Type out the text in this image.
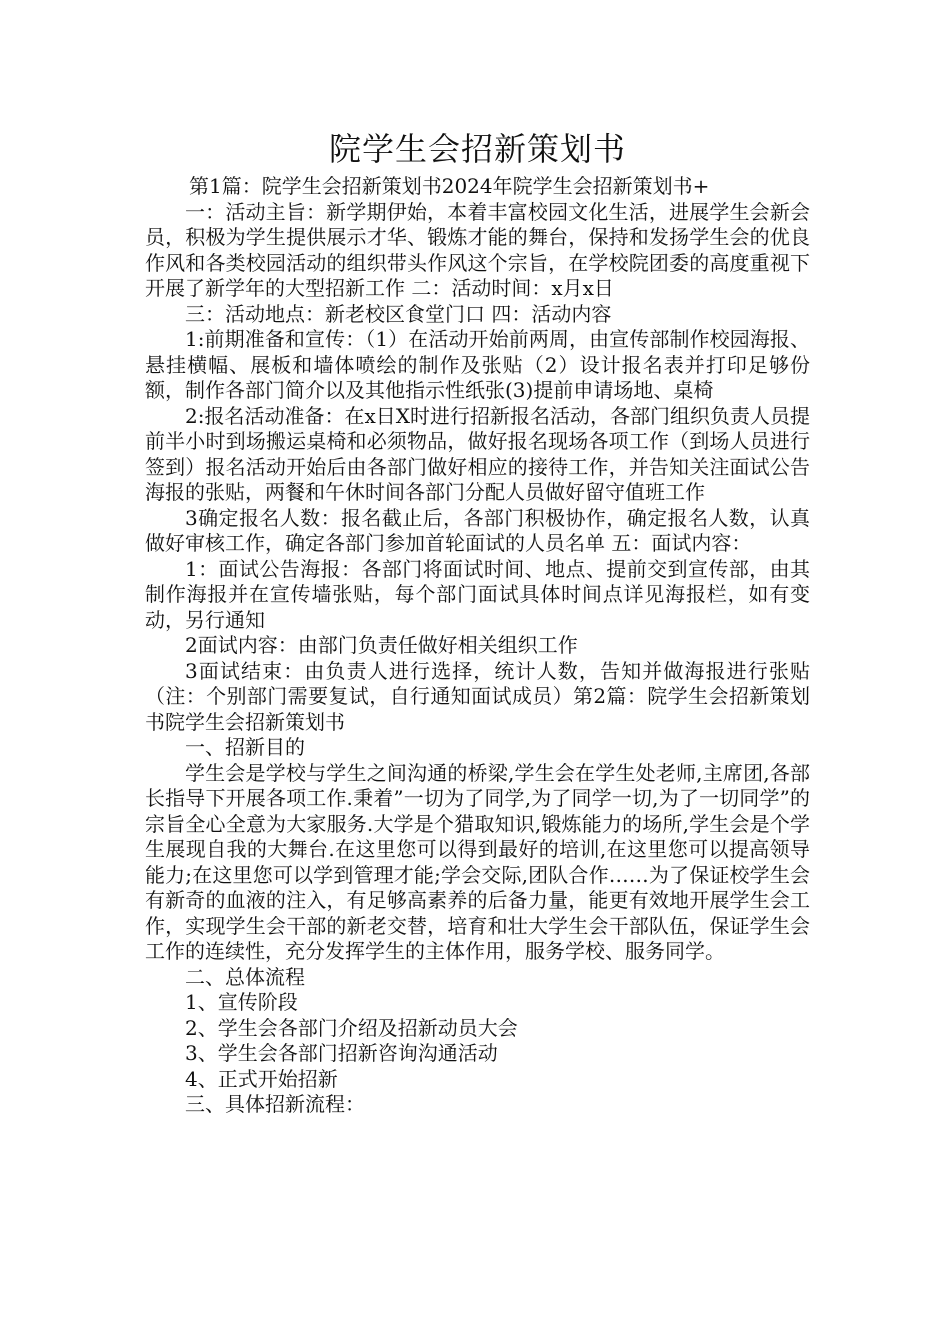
院学生会招新策划书

第1篇：院学生会招新策划书2024年院学生会招新策划书+

一：活动主旨：新学期伊始，本着丰富校园文化生活，进展学生会新会员，积极为学生提供展示才华、锻炼才能的舞台，保持和发扬学生会的优良作风和各类校园活动的组织带头作风这个宗旨，在学校院团委的高度重视下开展了新学年的大型招新工作 二：活动时间：x月x日

三：活动地点：新老校区食堂门口 四：活动内容

1:前期准备和宣传：（1）在活动开始前两周，由宣传部制作校园海报、悬挂横幅、展板和墙体喷绘的制作及张贴（2）设计报名表并打印足够份额，制作各部门简介以及其他指示性纸张(3)提前申请场地、桌椅

2:报名活动准备：在x日X时进行招新报名活动，各部门组织负责人员提前半小时到场搬运桌椅和必须物品，做好报名现场各项工作（到场人员进行签到）报名活动开始后由各部门做好相应的接待工作，并告知关注面试公告海报的张贴，两餐和午休时间各部门分配人员做好留守值班工作

3确定报名人数：报名截止后，各部门积极协作，确定报名人数，认真做好审核工作，确定各部门参加首轮面试的人员名单 五：面试内容：

1：面试公告海报：各部门将面试时间、地点、提前交到宣传部，由其制作海报并在宣传墙张贴，每个部门面试具体时间点详见海报栏，如有变动，另行通知

2面试内容：由部门负责任做好相关组织工作

3面试结束：由负责人进行选择，统计人数，告知并做海报进行张贴 （注：个别部门需要复试，自行通知面试成员）第2篇：院学生会招新策划书院学生会招新策划书

一、招新目的

学生会是学校与学生之间沟通的桥梁,学生会在学生处老师,主席团,各部长指导下开展各项工作.秉着”一切为了同学,为了同学一切,为了一切同学”的宗旨全心全意为大家服务.大学是个猎取知识,锻炼能力的场所,学生会是个学生展现自我的大舞台.在这里您可以得到最好的培训,在这里您可以提高领导能力;在这里您可以学到管理才能;学会交际,团队合作……为了保证校学生会有新奇的血液的注入，有足够高素养的后备力量，能更有效地开展学生会工作，实现学生会干部的新老交替，培育和壮大学生会干部队伍，保证学生会工作的连续性，充分发挥学生的主体作用，服务学校、服务同学。

二、总体流程

1、宣传阶段

2、学生会各部门介绍及招新动员大会

3、学生会各部门招新咨询沟通活动

4、正式开始招新

三、具体招新流程：
